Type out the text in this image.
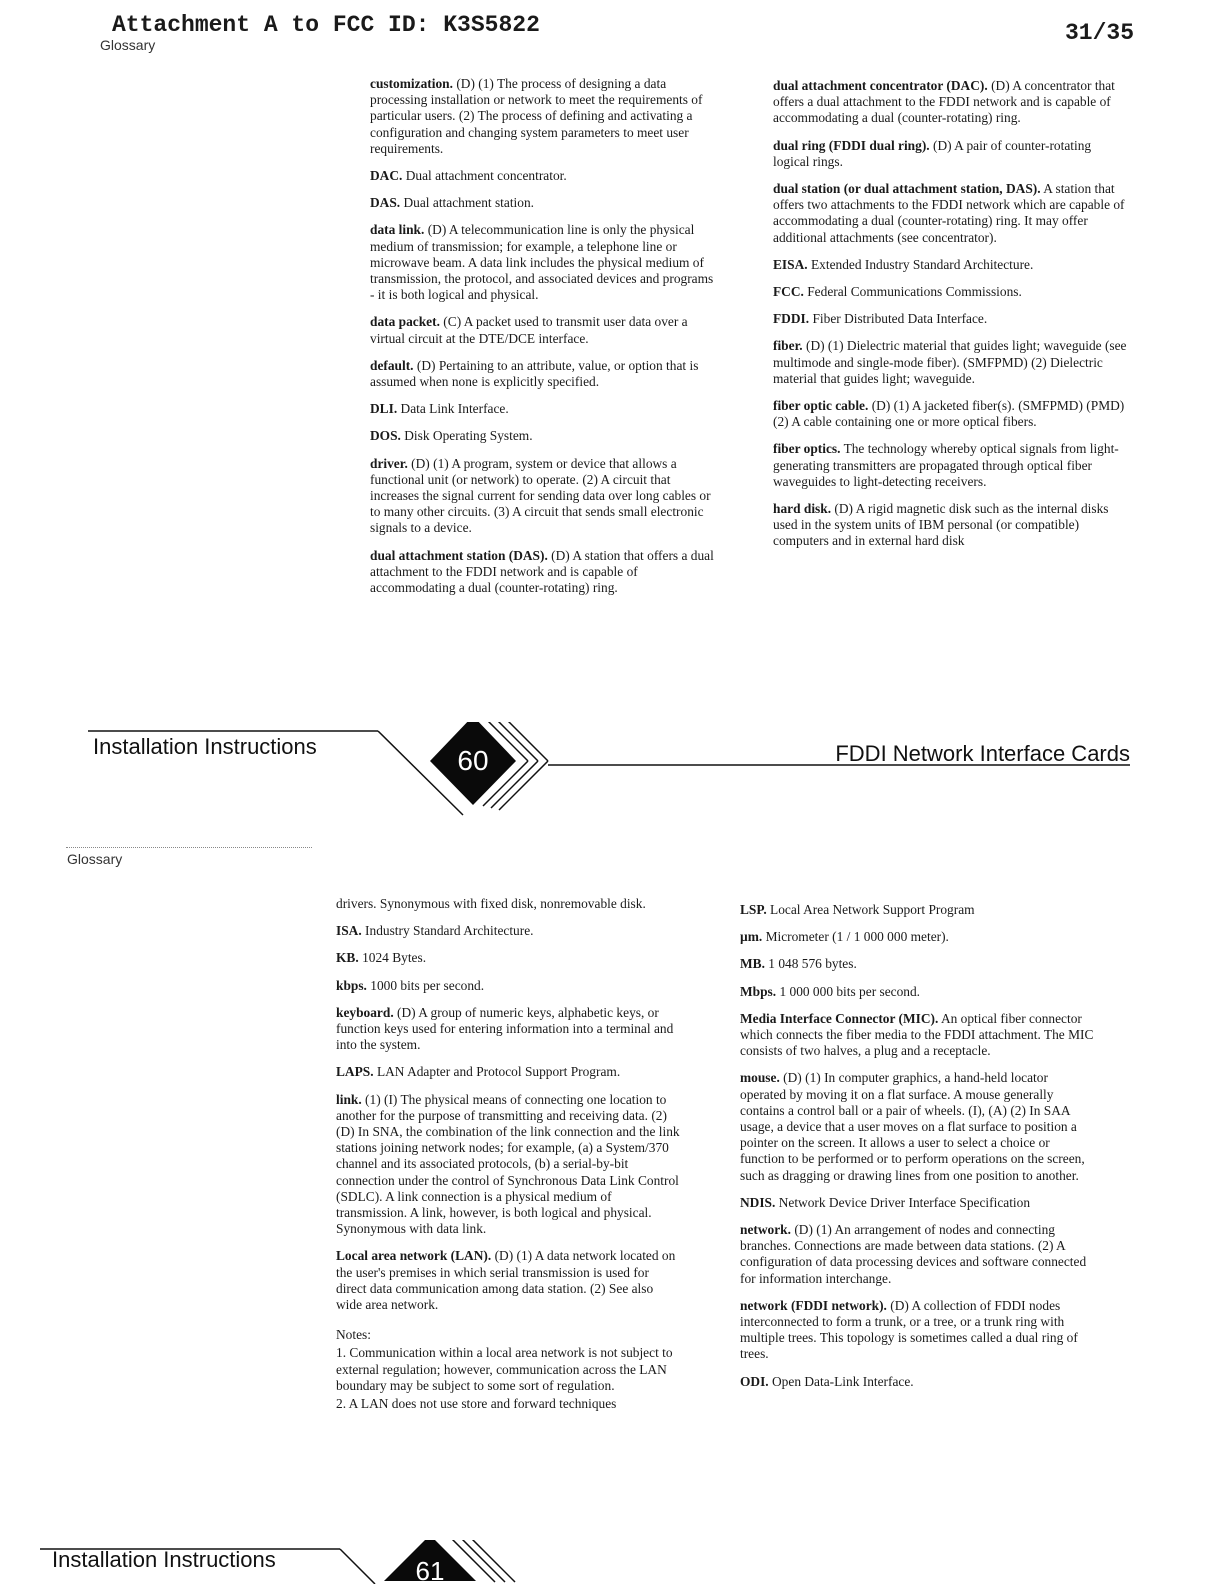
Attachment A to FCC ID: K3S5822	31/35
Glossary
customization. (D) (1) The process of designing a data processing installation or network to meet the requirements of particular users. (2) The process of defining and activating a configuration and changing system parameters to meet user requirements.
DAC. Dual attachment concentrator.
DAS. Dual attachment station.
data link. (D) A telecommunication line is only the physical medium of transmission; for example, a telephone line or microwave beam. A data link includes the physical medium of transmission, the protocol, and associated devices and programs - it is both logical and physical.
data packet. (C) A packet used to transmit user data over a virtual circuit at the DTE/DCE interface.
default. (D) Pertaining to an attribute, value, or option that is assumed when none is explicitly specified.
DLI. Data Link Interface.
DOS. Disk Operating System.
driver. (D) (1) A program, system or device that allows a functional unit (or network) to operate. (2) A circuit that increases the signal current for sending data over long cables or to many other circuits. (3) A circuit that sends small electronic signals to a device.
dual attachment station (DAS). (D) A station that offers a dual attachment to the FDDI network and is capable of accommodating a dual (counter-rotating) ring.
dual attachment concentrator (DAC). (D) A concentrator that offers a dual attachment to the FDDI network and is capable of accommodating a dual (counter-rotating) ring.
dual ring (FDDI dual ring). (D) A pair of counter-rotating logical rings.
dual station (or dual attachment station, DAS). A station that offers two attachments to the FDDI network which are capable of accommodating a dual (counter-rotating) ring. It may offer additional attachments (see concentrator).
EISA. Extended Industry Standard Architecture.
FCC. Federal Communications Commissions.
FDDI. Fiber Distributed Data Interface.
fiber. (D) (1) Dielectric material that guides light; waveguide (see multimode and single-mode fiber). (SMFPMD) (2) Dielectric material that guides light; waveguide.
fiber optic cable. (D) (1) A jacketed fiber(s). (SMFPMD) (PMD) (2) A cable containing one or more optical fibers.
fiber optics. The technology whereby optical signals from light-generating transmitters are propagated through optical fiber waveguides to light-detecting receivers.
hard disk. (D) A rigid magnetic disk such as the internal disks used in the system units of IBM personal (or compatible) computers and in external hard disk
Installation Instructions	60	FDDI Network Interface Cards
Glossary
drivers. Synonymous with fixed disk, nonremovable disk.
ISA. Industry Standard Architecture.
KB. 1024 Bytes.
kbps. 1000 bits per second.
keyboard. (D) A group of numeric keys, alphabetic keys, or function keys used for entering information into a terminal and into the system.
LAPS. LAN Adapter and Protocol Support Program.
link. (1) (I) The physical means of connecting one location to another for the purpose of transmitting and receiving data. (2) (D) In SNA, the combination of the link connection and the link stations joining network nodes; for example, (a) a System/370 channel and its associated protocols, (b) a serial-by-bit connection under the control of Synchronous Data Link Control (SDLC). A link connection is a physical medium of transmission. A link, however, is both logical and physical. Synonymous with data link.
Local area network (LAN). (D) (1) A data network located on the user's premises in which serial transmission is used for direct data communication among data station. (2) See also wide area network.

Notes:

1. Communication within a local area network is not subject to external regulation; however, communication across the LAN boundary may be subject to some sort of regulation.

2. A LAN does not use store and forward techniques

LSP. Local Area Network Support Program
µm. Micrometer (1 / 1 000 000 meter).
MB. 1 048 576 bytes.
Mbps. 1 000 000 bits per second.
Media Interface Connector (MIC). An optical fiber connector which connects the fiber media to the FDDI attachment. The MIC consists of two halves, a plug and a receptacle.
mouse. (D) (1) In computer graphics, a hand-held locator operated by moving it on a flat surface. A mouse generally contains a control ball or a pair of wheels. (I), (A) (2) In SAA usage, a device that a user moves on a flat surface to position a pointer on the screen. It allows a user to select a choice or function to be performed or to perform operations on the screen, such as dragging or drawing lines from one position to another.
NDIS. Network Device Driver Interface Specification
network. (D) (1) An arrangement of nodes and connecting branches. Connections are made between data stations. (2) A configuration of data processing devices and software connected for information interchange.
network (FDDI network). (D) A collection of FDDI nodes interconnected to form a trunk, or a tree, or a trunk ring with multiple trees. This topology is sometimes called a dual ring of trees.
ODI. Open Data-Link Interface.
Installation Instructions	61
